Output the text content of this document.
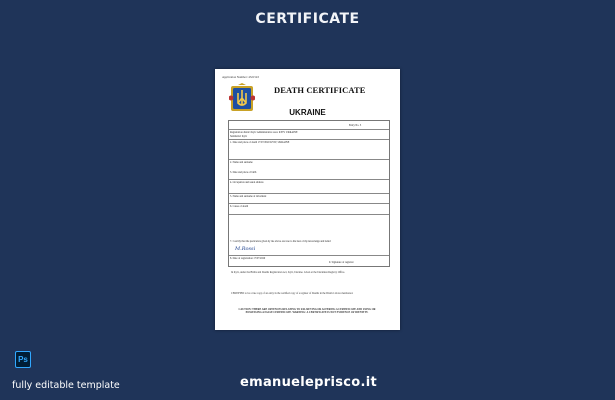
CERTIFICATE
Application Number: 4321543
DEATH CERTIFICATE
UKRAINE
Entry No. 3
Registration district Kyiv Administrative area: KYIV UKRAINE
Subdistrict Kyiv
1. Date and place of death 17/07/2020 KYIV, UKRAINE
2. Name and surname
3. Date and place of birth
4. Occupation and usual address
5. Name and surname of informant
6. Cause of death
7. I certify that the particulars given by me above are true to the best of my knowledge and belief
8. Date of registration 17/07/2020
9. Signature of registrar
M.Rossi
In Kyiv, under the Births and Deaths Registration Act, Kyiv, Ukraine. Given at the Ukrainian Registry Office.
CERTIFIED to be a true copy of an entry in the certified copy of a register of Deaths in the District above mentioned.
CAUTION: THERE ARE OFFENCES RELATING TO FALSIFYING OR ALTERING A CERTIFICATE AND USING OR POSSESSING A FALSE CERTIFICATE. WARNING: A CERTIFICATE IS NOT EVIDENCE OF IDENTITY.
Ps
fully editable template	emanueleprisco.it
